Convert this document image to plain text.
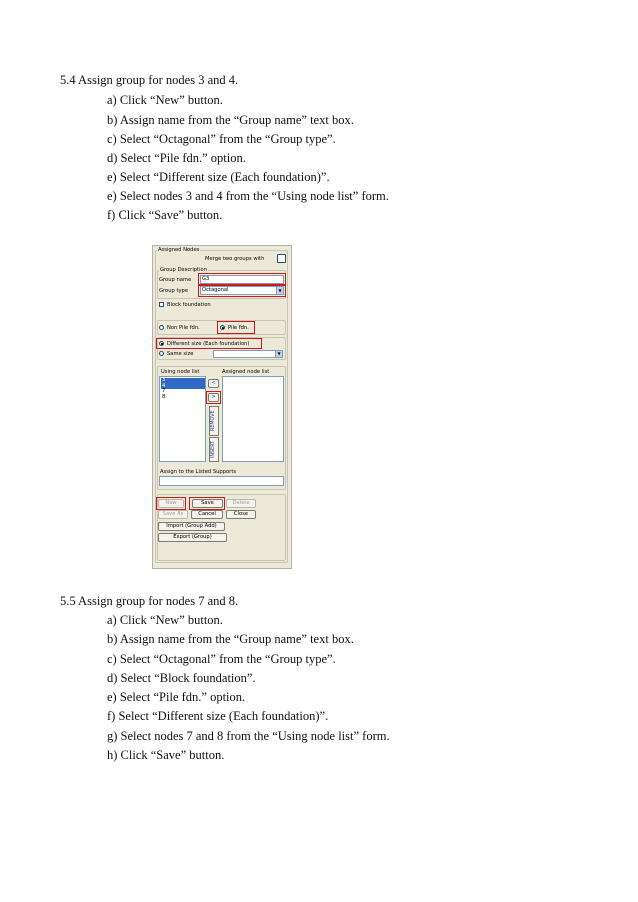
5.4 Assign group for nodes 3 and 4.
a) Click “New” button.
b) Assign name from the “Group name” text box.
c) Select “Octagonal” from the “Group type”.
d) Select “Pile fdn.” option.
e) Select “Different size (Each foundation)”.
e) Select nodes 3 and 4 from the “Using node list” form.
f) Click “Save” button.
Assigned Nodes
Merge two groups with
Group Description
Group name	G3
Group type	Octagonal	▼
Block foundation
Non Pile fdn.	Pile fdn.
Different size (Each foundation)
Same size	▼
Using node list	Assigned node list
3
4
7
8
<
>
REMOVE
INSERT
Assign to the Listed Supports
New	Save	Delete
Save As	Cancel	Close
Import (Group Add)
Export (Group)
5.5 Assign group for nodes 7 and 8.
a) Click “New” button.
b) Assign name from the “Group name” text box.
c) Select “Octagonal” from the “Group type”.
d) Select “Block foundation”.
e) Select “Pile fdn.” option.
f) Select “Different size (Each foundation)”.
g) Select nodes 7 and 8 from the “Using node list” form.
h) Click “Save” button.
